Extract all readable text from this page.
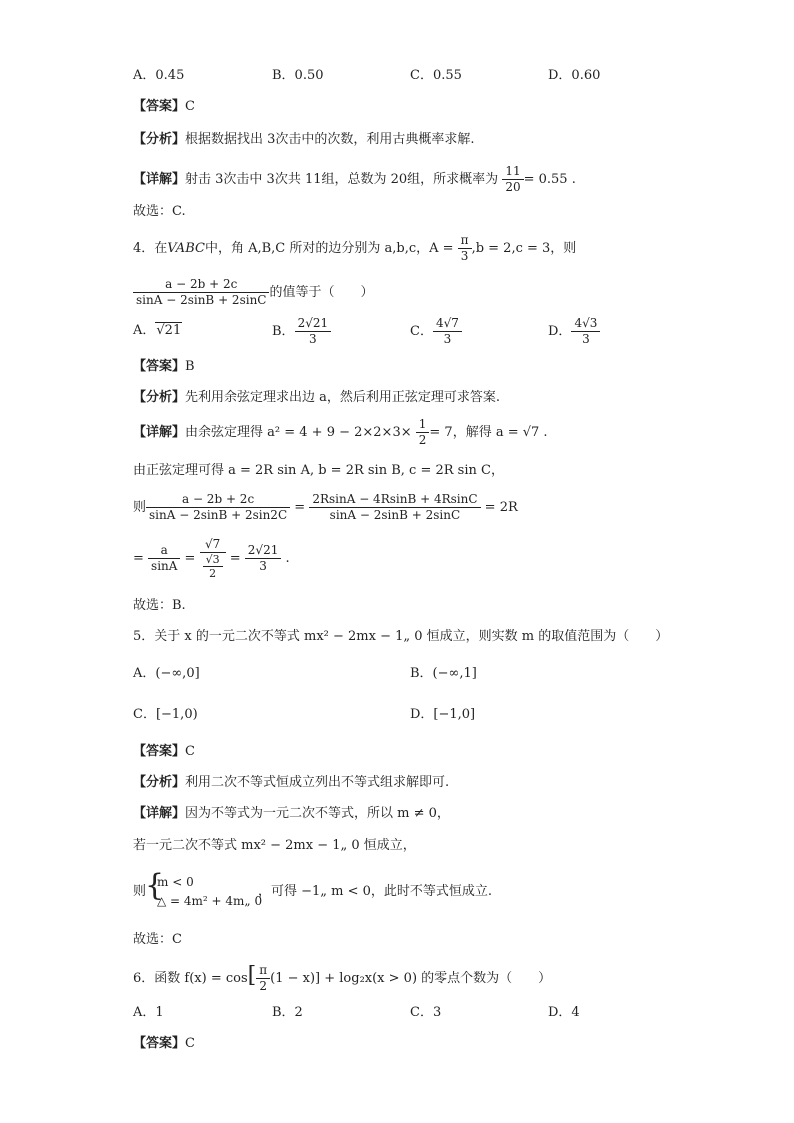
A．0.45	B．0.50	C．0.55	D．0.60
【答案】C
【分析】根据数据找出 3次击中的次数，利用古典概率求解.
【详解】射击 3次击中 3次共 11组，总数为 20组，所求概率为 $\frac{11}{20} = 0.55$ .
故选：C.
4．在VABC中，角 A,B,C 所对的边分别为 a,b,c，$A = \frac{\pi}{3} ,b = 2,c = 3$，则
$\frac{a - 2b + 2c}{\sin A - 2\sin B + 2\sin C}$ 的值等于（　　）
A．√21	B． $\frac{2√21}{3}$	C． $\frac{4√7}{3}$	D． $\frac{4√3}{3}$
【答案】B
【分析】先利用余弦定理求出边 a，然后利用正弦定理可求答案.
【详解】由余弦定理得 $a^2 = 4 + 9 - 2\times 2\times 3\times \frac{1}{2} = 7$，解得 a = √7 .
由正弦定理可得 a = 2R sin A, b = 2R sin B, c = 2R sin C，
则 $\frac{a - 2b + 2c}{\sin A - 2\sin B + 2\sin 2C} = \frac{2RsinA - 4RsinB + 4RsinC}{\sin A - 2\sin B + 2\sin C} = 2R$
= $\frac{a}{\sin A} = \frac{√7}{\frac{√3}{2}} = \frac{2√21}{3}$ .
故选：B.
5．关于 x 的一元二次不等式 mx² − 2mx − 1„ 0 恒成立，则实数 m 的取值范围为（　　）
A．(−∞,0]	B．(−∞,1]
C．[−1,0)	D．[−1,0]
【答案】C
【分析】利用二次不等式恒成立列出不等式组求解即可.
【详解】因为不等式为一元二次不等式，所以 m ≠ 0，
若一元二次不等式 mx² − 2mx − 1„ 0 恒成立，
则
{
m < 0
△ = 4m² + 4m„ 0
，可得 −1„ m < 0，此时不等式恒成立.
故选：C
6．函数 $f(x) = \cos[ \frac{\pi}{2} (1 - x)] + \log_2x(x > 0)$ 的零点个数为（　　）
A．1	B．2	C．3	D．4
【答案】C
